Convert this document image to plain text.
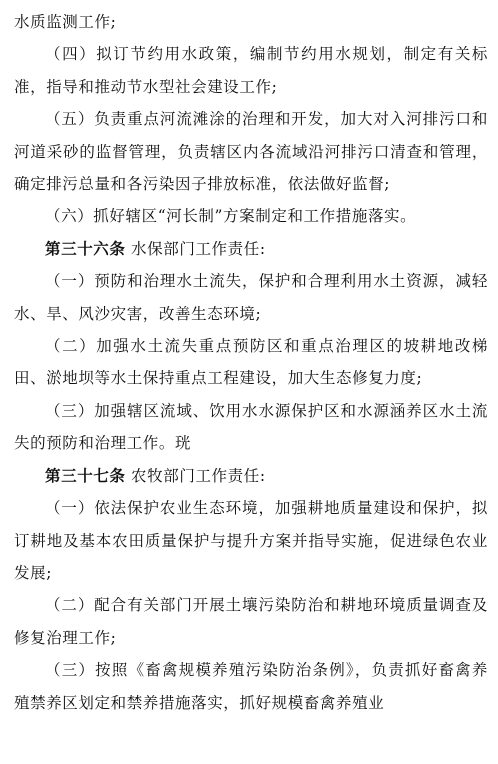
水质监测工作;

（四）拟订节约用水政策，编制节约用水规划，制定有关标准，指导和推动节水型社会建设工作;

（五）负责重点河流滩涂的治理和开发，加大对入河排污口和河道采砂的监督管理，负责辖区内各流域沿河排污口清查和管理，确定排污总量和各污染因子排放标准，依法做好监督;

（六）抓好辖区“河长制”方案制定和工作措施落实。

第三十六条 水保部门工作责任:

（一）预防和治理水土流失，保护和合理利用水土资源，减轻水、旱、风沙灾害，改善生态环境;

（二）加强水土流失重点预防区和重点治理区的坡耕地改梯田、淤地坝等水土保持重点工程建设，加大生态修复力度;

（三）加强辖区流域、饮用水水源保护区和水源涵养区水土流失的预防和治理工作。珖

第三十七条 农牧部门工作责任:

（一）依法保护农业生态环境，加强耕地质量建设和保护，拟订耕地及基本农田质量保护与提升方案并指导实施，促进绿色农业发展;

（二）配合有关部门开展土壤污染防治和耕地环境质量调查及修复治理工作;

（三）按照《畜禽规模养殖污染防治条例》，负责抓好畜禽养殖禁养区划定和禁养措施落实，抓好规模畜禽养殖业
